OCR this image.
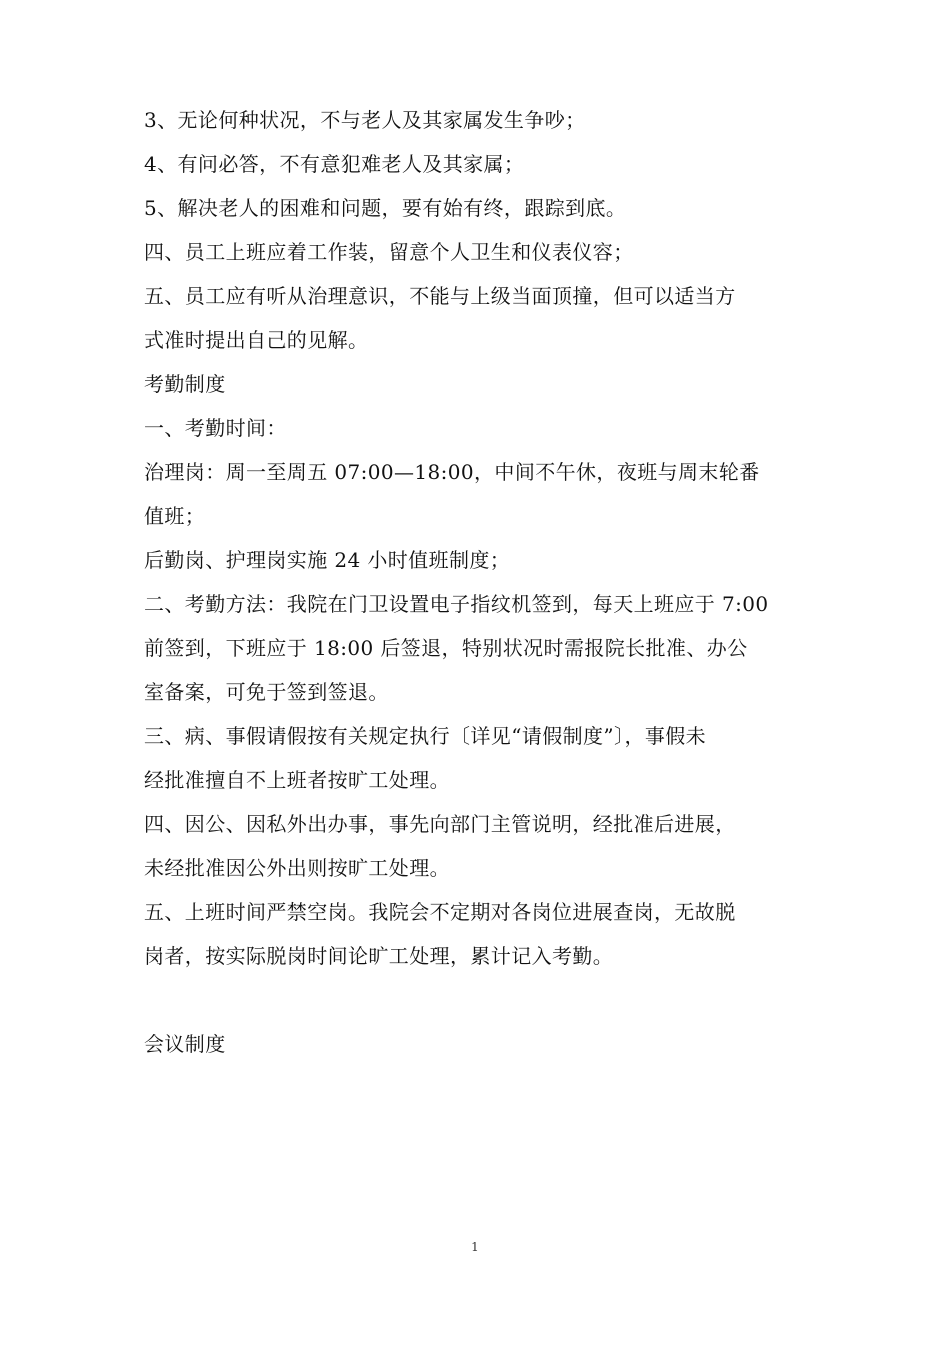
3、无论何种状况，不与老人及其家属发生争吵；
4、有问必答，不有意犯难老人及其家属；
5、解决老人的困难和问题，要有始有终，跟踪到底。
四、员工上班应着工作装，留意个人卫生和仪表仪容；
五、员工应有听从治理意识，不能与上级当面顶撞，但可以适当方
式准时提出自己的见解。
考勤制度
一、考勤时间：
治理岗：周一至周五 07:00—18:00，中间不午休，夜班与周末轮番
值班；
后勤岗、护理岗实施 24 小时值班制度；
二、考勤方法：我院在门卫设置电子指纹机签到，每天上班应于 7:00
前签到，下班应于 18:00 后签退，特别状况时需报院长批准、办公
室备案，可免于签到签退。
三、病、事假请假按有关规定执行〔详见“请假制度”〕，事假未
经批准擅自不上班者按旷工处理。
四、因公、因私外出办事，事先向部门主管说明，经批准后进展，
未经批准因公外出则按旷工处理。
五、上班时间严禁空岗。我院会不定期对各岗位进展查岗，无故脱
岗者，按实际脱岗时间论旷工处理，累计记入考勤。
会议制度
1
